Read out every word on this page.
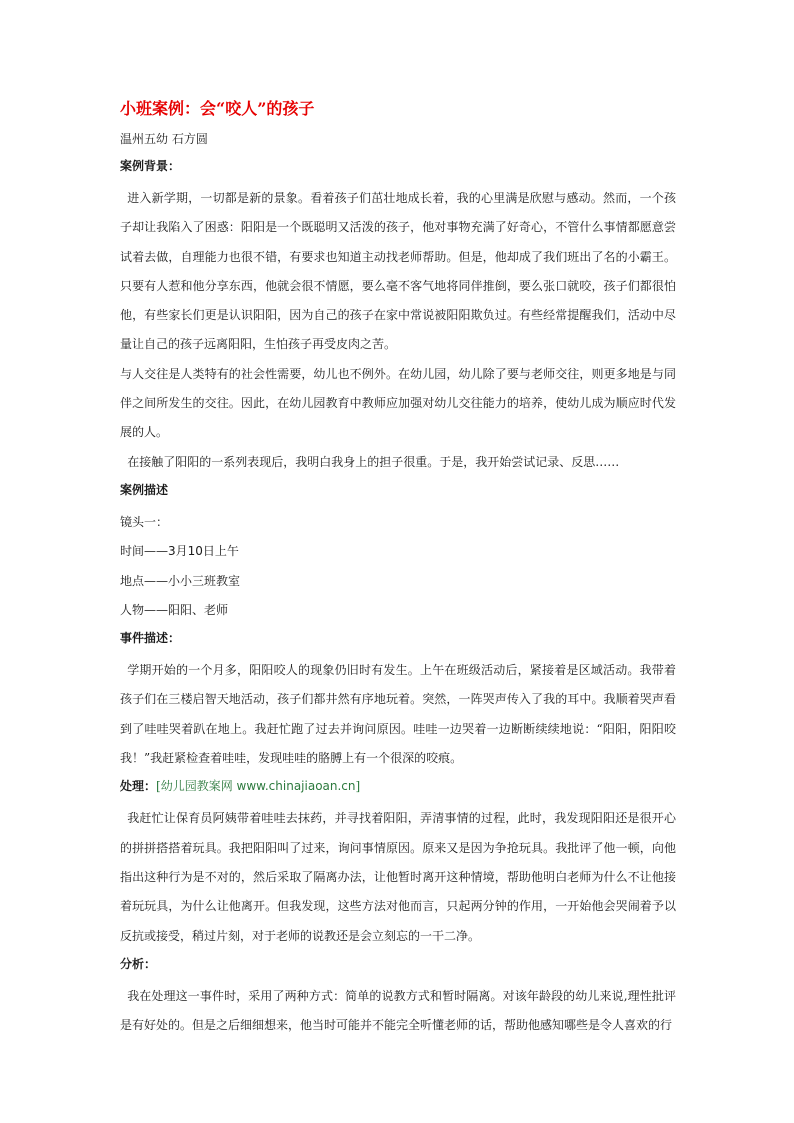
小班案例：会“咬人”的孩子
温州五幼 石方圆
案例背景：

进入新学期，一切都是新的景象。看着孩子们茁壮地成长着，我的心里满是欣慰与感动。然而，一个孩子却让我陷入了困惑：阳阳是一个既聪明又活泼的孩子，他对事物充满了好奇心，不管什么事情都愿意尝试着去做，自理能力也很不错，有要求也知道主动找老师帮助。但是，他却成了我们班出了名的小霸王。只要有人惹和他分享东西，他就会很不情愿，要么毫不客气地将同伴推倒，要么张口就咬，孩子们都很怕他，有些家长们更是认识阳阳，因为自己的孩子在家中常说被阳阳欺负过。有些经常提醒我们，活动中尽量让自己的孩子远离阳阳，生怕孩子再受皮肉之苦。

与人交往是人类特有的社会性需要，幼儿也不例外。在幼儿园，幼儿除了要与老师交往，则更多地是与同伴之间所发生的交往。因此，在幼儿园教育中教师应加强对幼儿交往能力的培养，使幼儿成为顺应时代发展的人。

在接触了阳阳的一系列表现后，我明白我身上的担子很重。于是，我开始尝试记录、反思……

案例描述

镜头一：

时间——3月10日上午

地点——小小三班教室

人物——阳阳、老师

事件描述：

学期开始的一个月多，阳阳咬人的现象仍旧时有发生。上午在班级活动后，紧接着是区域活动。我带着孩子们在三楼启智天地活动，孩子们都井然有序地玩着。突然，一阵哭声传入了我的耳中。我顺着哭声看到了哇哇哭着趴在地上。我赶忙跑了过去并询问原因。哇哇一边哭着一边断断续续地说：“阳阳，阳阳咬我！”我赶紧检查着哇哇，发现哇哇的胳膊上有一个很深的咬痕。

处理：[幼儿园教案网 www.chinajiaoan.cn]

我赶忙让保育员阿姨带着哇哇去抹药，并寻找着阳阳，弄清事情的过程，此时，我发现阳阳还是很开心的拼拼搭搭着玩具。我把阳阳叫了过来，询问事情原因。原来又是因为争抢玩具。我批评了他一顿，向他指出这种行为是不对的，然后采取了隔离办法，让他暂时离开这种情境，帮助他明白老师为什么不让他接着玩玩具，为什么让他离开。但我发现，这些方法对他而言，只起两分钟的作用，一开始他会哭闹着予以反抗或接受，稍过片刻，对于老师的说教还是会立刻忘的一干二净。

分析：

我在处理这一事件时，采用了两种方式：简单的说教方式和暂时隔离。对该年龄段的幼儿来说,理性批评是有好处的。但是之后细细想来，他当时可能并不能完全听懂老师的话，帮助他感知哪些是令人喜欢的行
